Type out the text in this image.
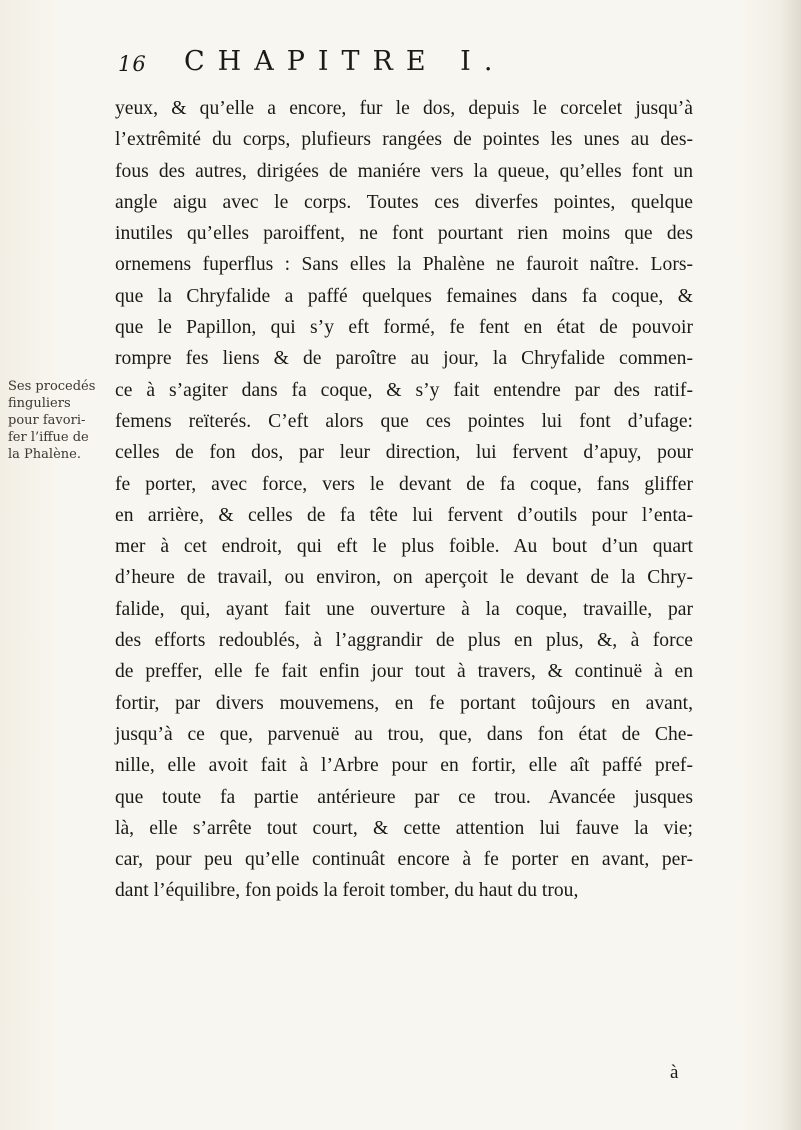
16 CHAPITRE I.
Ses procedés
finguliers
pour favori-
fer l’iffue de
la Phalène.
yeux, & qu’elle a encore, fur le dos, depuis le corcelet jusqu’à
l’extrêmité du corps, plufieurs rangées de pointes les unes au des-
fous des autres, dirigées de maniére vers la queue, qu’elles font un
angle aigu avec le corps. Toutes ces diverfes pointes, quelque
inutiles qu’elles paroiffent, ne font pourtant rien moins que des
ornemens fuperflus : Sans elles la Phalène ne fauroit naître. Lors-
que la Chryfalide a paffé quelques femaines dans fa coque, &
que le Papillon, qui s’y eft formé, fe fent en état de pouvoir
rompre fes liens & de paroître au jour, la Chryfalide commen-
ce à s’agiter dans fa coque, & s’y fait entendre par des ratif-
femens reïterés. C’eft alors que ces pointes lui font d’ufage:
celles de fon dos, par leur direction, lui fervent d’apuy, pour
fe porter, avec force, vers le devant de fa coque, fans gliffer
en arrière, & celles de fa tête lui fervent d’outils pour l’enta-
mer à cet endroit, qui eft le plus foible. Au bout d’un quart
d’heure de travail, ou environ, on aperçoit le devant de la Chry-
falide, qui, ayant fait une ouverture à la coque, travaille, par
des efforts redoublés, à l’aggrandir de plus en plus, &, à force
de preffer, elle fe fait enfin jour tout à travers, & continuë à en
fortir, par divers mouvemens, en fe portant toûjours en avant,
jusqu’à ce que, parvenuë au trou, que, dans fon état de Che-
nille, elle avoit fait à l’Arbre pour en fortir, elle aît paffé pref-
que toute fa partie antérieure par ce trou. Avancée jusques
là, elle s’arrête tout court, & cette attention lui fauve la vie;
car, pour peu qu’elle continuât encore à fe porter en avant, per-
dant l’équilibre, fon poids la feroit tomber, du haut du trou,
à
